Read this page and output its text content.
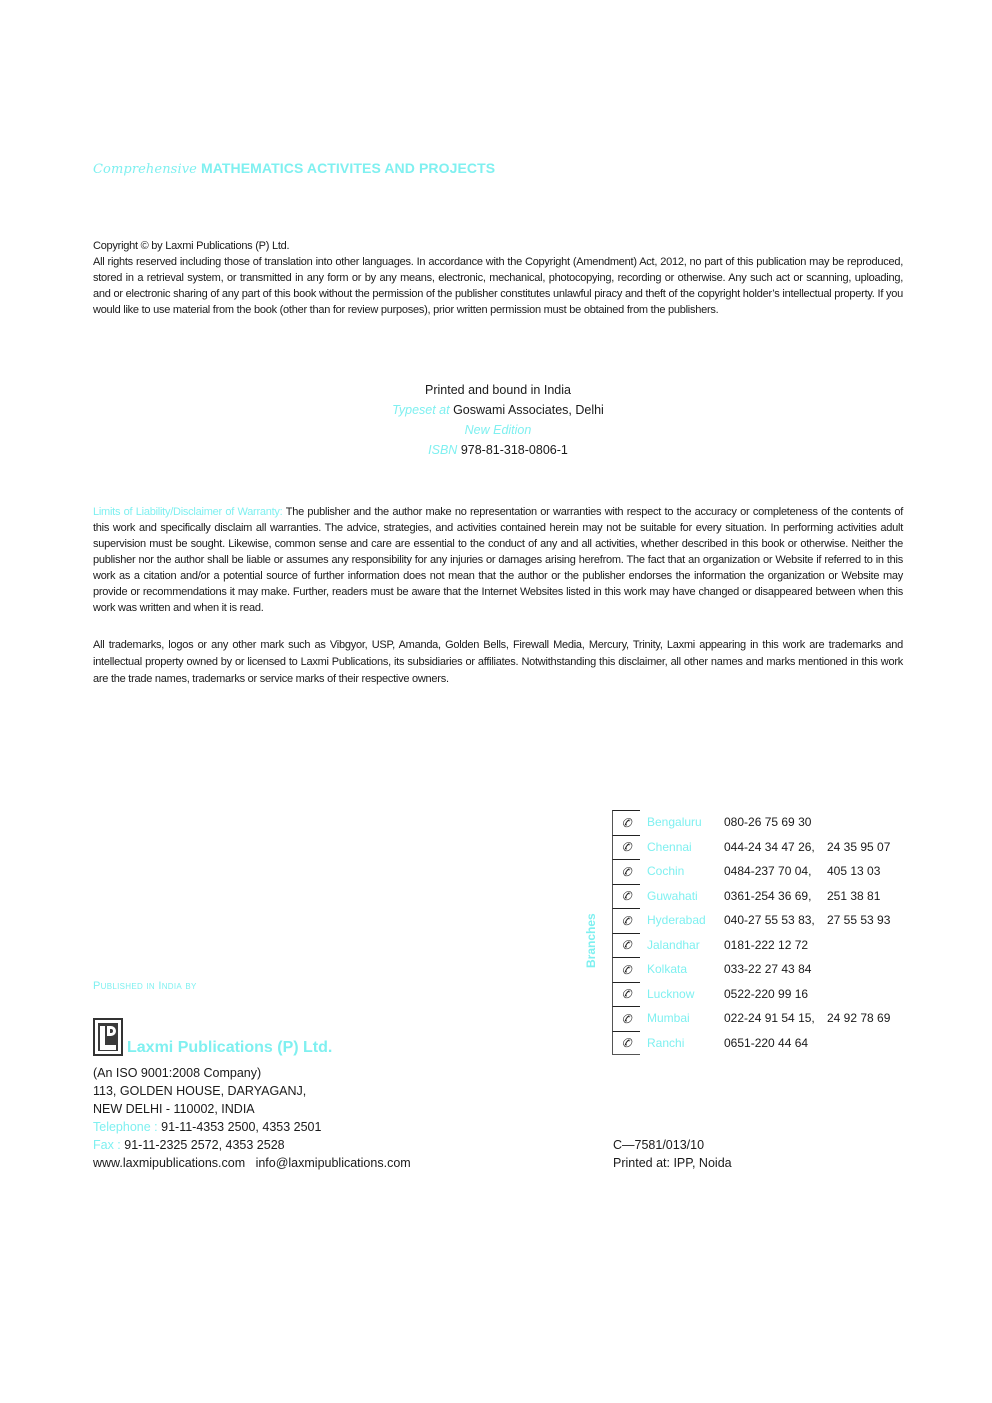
Comprehensive MATHEMATICS ACTIVITES AND PROJECTS

Copyright © by Laxmi Publications (P) Ltd.

All rights reserved including those of translation into other languages. In accordance with the Copyright (Amendment) Act, 2012, no part of this publication may be reproduced, stored in a retrieval system, or transmitted in any form or by any means, electronic, mechanical, photocopying, recording or otherwise. Any such act or scanning, uploading, and or electronic sharing of any part of this book without the permission of the publisher constitutes unlawful piracy and theft of the copyright holder’s intellectual property. If you would like to use material from the book (other than for review purposes), prior written permission must be obtained from the publishers.

Printed and bound in India
Typeset at Goswami Associates, Delhi
New Edition
ISBN 978-81-318-0806-1

Limits of Liability/Disclaimer of Warranty: The publisher and the author make no representation or warranties with respect to the accuracy or completeness of the contents of this work and specifically disclaim all warranties. The advice, strategies, and activities contained herein may not be suitable for every situation. In performing activities adult supervision must be sought. Likewise, common sense and care are essential to the conduct of any and all activities, whether described in this book or otherwise. Neither the publisher nor the author shall be liable or assumes any responsibility for any injuries or damages arising herefrom. The fact that an organization or Website if referred to in this work as a citation and/or a potential source of further information does not mean that the author or the publisher endorses the information the organization or Website may provide or recommendations it may make. Further, readers must be aware that the Internet Websites listed in this work may have changed or disappeared between when this work was written and when it is read.

All trademarks, logos or any other mark such as Vibgyor, USP, Amanda, Golden Bells, Firewall Media, Mercury, Trinity, Laxmi appearing in this work are trademarks and intellectual property owned by or licensed to Laxmi Publications, its subsidiaries or affiliates. Notwithstanding this disclaimer, all other names and marks mentioned in this work are the trade names, trademarks or service marks of their respective owners.

Published in India by
Laxmi Publications (P) Ltd.
(An ISO 9001:2008 Company)
113, GOLDEN HOUSE, DARYAGANJ,
NEW DELHI - 110002, INDIA
Telephone : 91-11-4353 2500, 4353 2501
Fax : 91-11-2325 2572, 4353 2528
www.laxmipublications.com info@laxmipublications.com
Branches
✆	Bengaluru	080-26 75 69 30
✆	Chennai	044-24 34 47 26,	24 35 95 07
✆	Cochin	0484-237 70 04,	405 13 03
✆	Guwahati	0361-254 36 69,	251 38 81
✆	Hyderabad	040-27 55 53 83,	27 55 53 93
✆	Jalandhar	0181-222 12 72
✆	Kolkata	033-22 27 43 84
✆	Lucknow	0522-220 99 16
✆	Mumbai	022-24 91 54 15,	24 92 78 69
✆	Ranchi	0651-220 44 64
C—7581/013/10
Printed at: IPP, Noida
